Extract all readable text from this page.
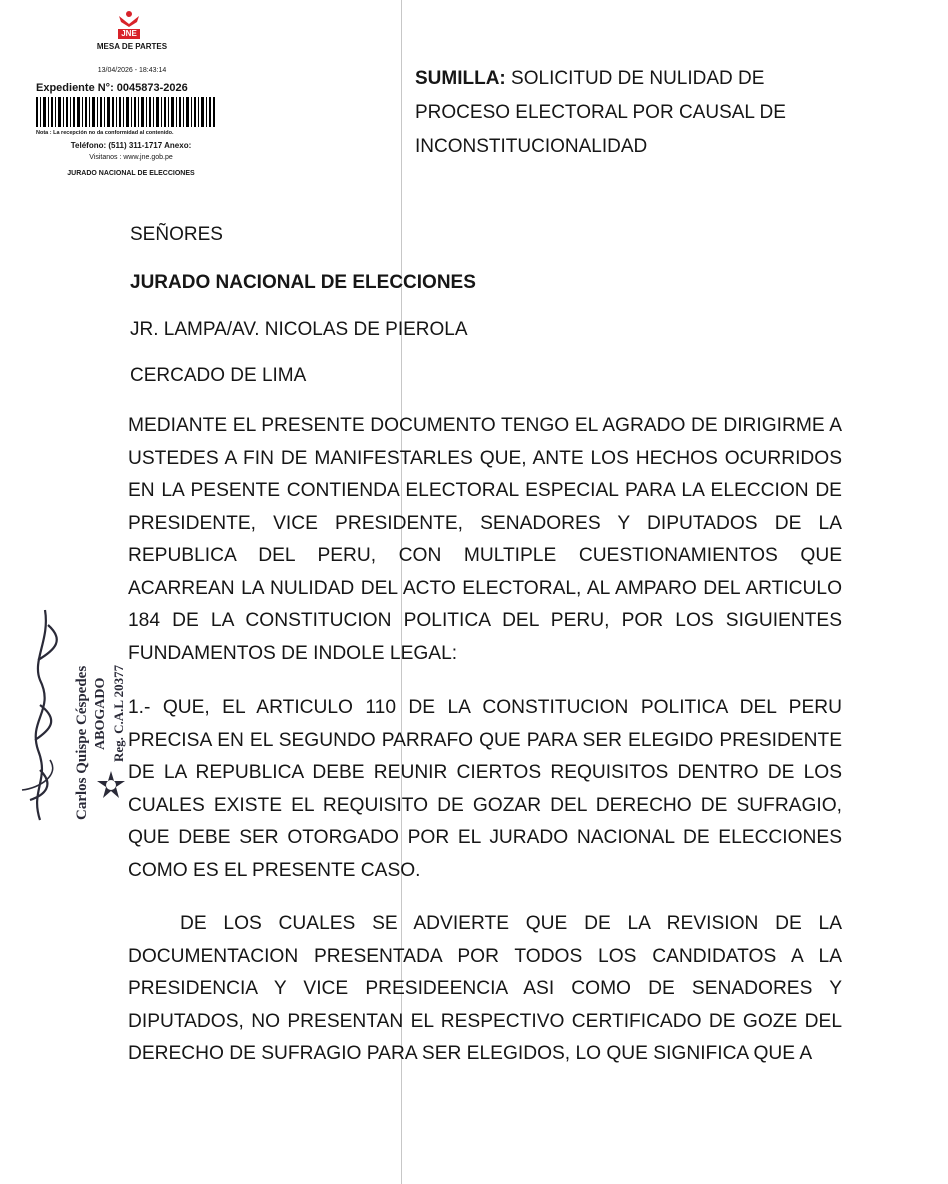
JNE
MESA DE PARTES
13/04/2026 - 18:43:14
Expediente N°: 0045873-2026
Nota : La recepción no da conformidad al contenido.
Teléfono: (511) 311-1717 Anexo:
Visitanos : www.jne.gob.pe
JURADO NACIONAL DE ELECCIONES
SUMILLA: SOLICITUD DE NULIDAD DE PROCESO ELECTORAL POR CAUSAL DE INCONSTITUCIONALIDAD
SEÑORES
JURADO NACIONAL DE ELECCIONES
JR. LAMPA/AV. NICOLAS DE PIEROLA
CERCADO DE LIMA
MEDIANTE EL PRESENTE DOCUMENTO TENGO EL AGRADO DE DIRIGIRME A USTEDES A FIN DE MANIFESTARLES QUE, ANTE LOS HECHOS OCURRIDOS EN LA PESENTE CONTIENDA ELECTORAL ESPECIAL PARA LA ELECCION DE PRESIDENTE, VICE PRESIDENTE, SENADORES Y DIPUTADOS DE LA REPUBLICA DEL PERU, CON MULTIPLE CUESTIONAMIENTOS QUE ACARREAN LA NULIDAD DEL ACTO ELECTORAL, AL AMPARO DEL ARTICULO 184 DE LA CONSTITUCION POLITICA DEL PERU, POR LOS SIGUIENTES FUNDAMENTOS DE INDOLE LEGAL:
1.- QUE, EL ARTICULO 110 DE LA CONSTITUCION POLITICA DEL PERU PRECISA EN EL SEGUNDO PARRAFO QUE PARA SER ELEGIDO PRESIDENTE DE LA REPUBLICA DEBE REUNIR CIERTOS REQUISITOS DENTRO DE LOS CUALES EXISTE EL REQUISITO DE GOZAR DEL DERECHO DE SUFRAGIO, QUE DEBE SER OTORGADO POR EL JURADO NACIONAL DE ELECCIONES COMO ES EL PRESENTE CASO.
DE LOS CUALES SE ADVIERTE QUE DE LA REVISION DE LA DOCUMENTACION PRESENTADA POR TODOS LOS CANDIDATOS A LA PRESIDENCIA Y VICE PRESIDEENCIA ASI COMO DE SENADORES Y DIPUTADOS, NO PRESENTAN EL RESPECTIVO CERTIFICADO DE GOZE DEL DERECHO DE SUFRAGIO PARA SER ELEGIDOS, LO QUE SIGNIFICA QUE A
Carlos Quispe Céspedes ABOGADO Reg. C.A.L 20377
